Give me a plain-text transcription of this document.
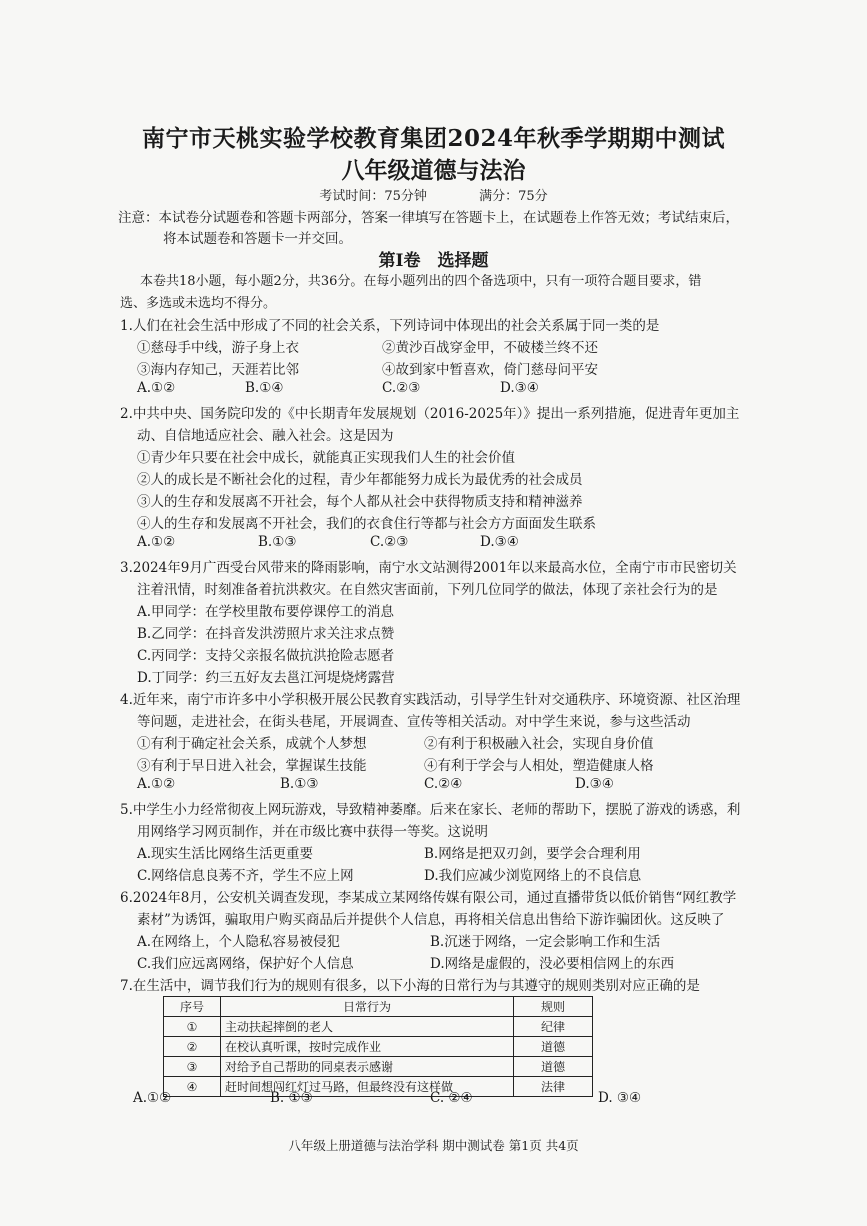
南宁市天桃实验学校教育集团2024年秋季学期期中测试
八年级道德与法治
考试时间：75分钟	满分：75分
注意：本试卷分试题卷和答题卡两部分，答案一律填写在答题卡上，在试题卷上作答无效；考试结束后，
将本试题卷和答题卡一并交回。
第Ⅰ卷　选择题
本卷共18小题，每小题2分，共36分。在每小题列出的四个备选项中，只有一项符合题目要求，错
选、多选或未选均不得分。
1.人们在社会生活中形成了不同的社会关系，下列诗词中体现出的社会关系属于同一类的是
①慈母手中线，游子身上衣	②黄沙百战穿金甲，不破楼兰终不还
③海内存知己，天涯若比邻	④故到家中暂喜欢，倚门慈母问平安
A.①②	B.①④	C.②③	D.③④
2.中共中央、国务院印发的《中长期青年发展规划（2016-2025年）》提出一系列措施，促进青年更加主
动、自信地适应社会、融入社会。这是因为
①青少年只要在社会中成长，就能真正实现我们人生的社会价值
②人的成长是不断社会化的过程，青少年都能努力成长为最优秀的社会成员
③人的生存和发展离不开社会，每个人都从社会中获得物质支持和精神滋养
④人的生存和发展离不开社会，我们的衣食住行等都与社会方方面面发生联系
A.①②	B.①③	C.②③	D.③④
3.2024年9月广西受台风带来的降雨影响，南宁水文站测得2001年以来最高水位，全南宁市市民密切关
注着汛情，时刻准备着抗洪救灾。在自然灾害面前，下列几位同学的做法，体现了亲社会行为的是
A.甲同学：在学校里散布要停课停工的消息
B.乙同学：在抖音发洪涝照片求关注求点赞
C.丙同学：支持父亲报名做抗洪抢险志愿者
D.丁同学：约三五好友去邕江河堤烧烤露营
4.近年来，南宁市许多中小学积极开展公民教育实践活动，引导学生针对交通秩序、环境资源、社区治理
等问题，走进社会，在街头巷尾，开展调查、宣传等相关活动。对中学生来说，参与这些活动
①有利于确定社会关系，成就个人梦想	②有利于积极融入社会，实现自身价值
③有利于早日进入社会，掌握谋生技能	④有利于学会与人相处，塑造健康人格
A.①②	B.①③	C.②④	D.③④
5.中学生小力经常彻夜上网玩游戏，导致精神萎靡。后来在家长、老师的帮助下，摆脱了游戏的诱惑，利
用网络学习网页制作，并在市级比赛中获得一等奖。这说明
A.现实生活比网络生活更重要	B.网络是把双刃剑，要学会合理利用
C.网络信息良莠不齐，学生不应上网	D.我们应减少浏览网络上的不良信息
6.2024年8月，公安机关调查发现，李某成立某网络传媒有限公司，通过直播带货以低价销售“网红教学
素材”为诱饵，骗取用户购买商品后并提供个人信息，再将相关信息出售给下游诈骗团伙。这反映了
A.在网络上，个人隐私容易被侵犯	B.沉迷于网络，一定会影响工作和生活
C.我们应远离网络，保护好个人信息	D.网络是虚假的，没必要相信网上的东西
7.在生活中，调节我们行为的规则有很多，以下小海的日常行为与其遵守的规则类别对应正确的是
序号	日常行为	规则
①	主动扶起摔倒的老人	纪律
②	在校认真听课，按时完成作业	道德
③	对给予自己帮助的同桌表示感谢	道德
④	赶时间想闯红灯过马路，但最终没有这样做	法律
A.①②	B. ①③	C. ②④	D. ③④
八年级上册道德与法治学科 期中测试卷 第1页 共4页
